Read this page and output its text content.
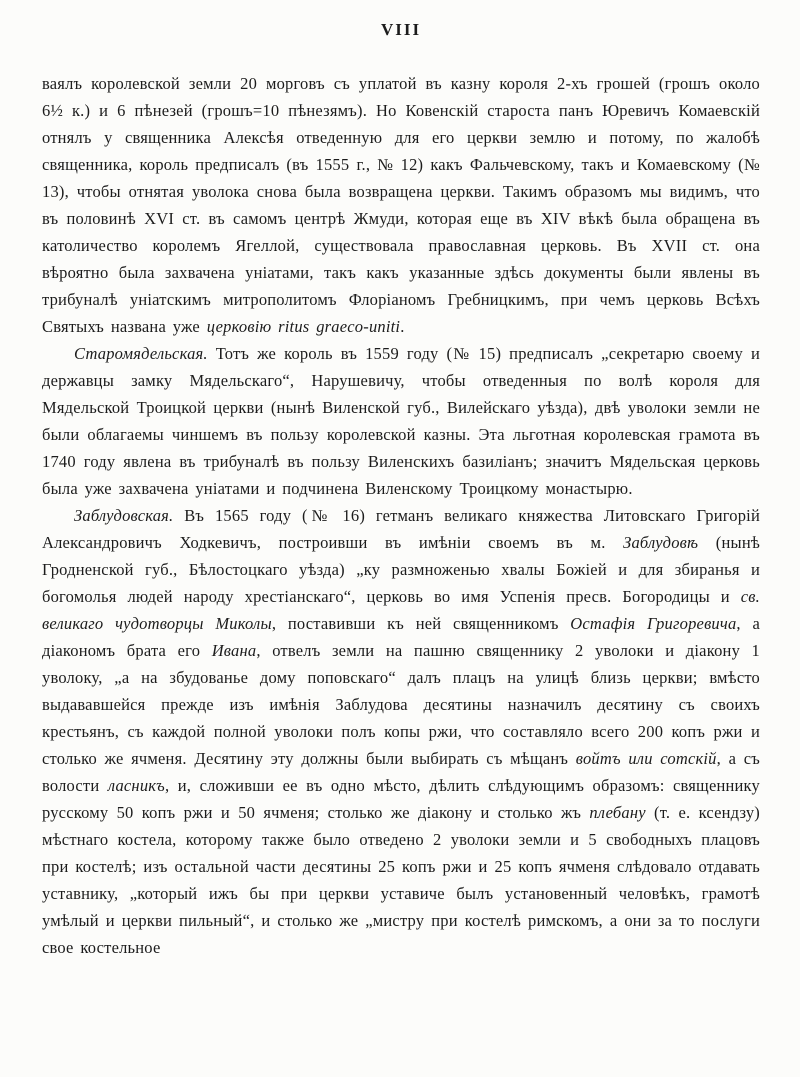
VIII

ваялъ королевской земли 20 морговъ съ уплатой въ казну короля 2-хъ грошей (грошъ около 6½ к.) и 6 пѣнезей (грошъ=10 пѣнезямъ). Но Ковенскій староста панъ Юревичъ Комаевскій отнялъ у священника Алексѣя отведенную для его церкви землю и потому, по жалобѣ священника, король предписалъ (въ 1555 г., № 12) какъ Фальчевскому, такъ и Комаевскому (№ 13), чтобы отнятая уволока снова была возвращена церкви. Такимъ образомъ мы видимъ, что въ половинѣ XVI ст. въ самомъ центрѣ Жмуди, которая еще въ XIV вѣкѣ была обращена въ католичество королемъ Ягеллой, существовала православная церковь. Въ XVII ст. она вѣроятно была захвачена уніатами, такъ какъ указанные здѣсь документы были явлены въ трибуналѣ уніатскимъ митрополитомъ Флоріаномъ Гребницкимъ, при чемъ церковь Всѣхъ Святыхъ названа уже церковію ritus graeco-uniti.

Старомядельская. Тотъ же король въ 1559 году (№ 15) предписалъ „секретарю своему и державцы замку Мядельскаго“, Нарушевичу, чтобы отведенныя по волѣ короля для Мядельской Троицкой церкви (нынѣ Виленской губ., Вилейскаго уѣзда), двѣ уволоки земли не были облагаемы чиншемъ въ пользу королевской казны. Эта льготная королевская грамота въ 1740 году явлена въ трибуналѣ въ пользу Виленскихъ базиліанъ; значитъ Мядельская церковь была уже захвачена уніатами и подчинена Виленскому Троицкому монастырю.

Заблудовская. Въ 1565 году (№ 16) гетманъ великаго княжества Литовскаго Григорій Александровичъ Ходкевичъ, построивши въ имѣніи своемъ въ м. Заблудовѣ (нынѣ Гродненской губ., Бѣлостоцкаго уѣзда) „ку размноженью хвалы Божіей и для збиранья и богомолья людей народу хрестіанскаго“, церковь во имя Успенія пресв. Богородицы и св. великаго чудотворцы Миколы, поставивши къ ней священникомъ Остафія Григоревича, а діакономъ брата его Ивана, отвелъ земли на пашню священнику 2 уволоки и діакону 1 уволоку, „а на збудованье дому поповскаго“ далъ плацъ на улицѣ близь церкви; вмѣсто выдававшейся прежде изъ имѣнія Заблудова десятины назначилъ десятину съ своихъ крестьянъ, съ каждой полной уволоки полъ копы ржи, что составляло всего 200 копъ ржи и столько же ячменя. Десятину эту должны были выбирать съ мѣщанъ войтъ или сотскій, а съ волости ласникъ, и, сложивши ее въ одно мѣсто, дѣлить слѣдующимъ образомъ: священнику русскому 50 копъ ржи и 50 ячменя; столько же діакону и столько жъ плебану (т. е. ксендзу) мѣстнаго костела, которому также было отведено 2 уволоки земли и 5 свободныхъ плацовъ при костелѣ; изъ остальной части десятины 25 копъ ржи и 25 копъ ячменя слѣдовало отдавать уставнику, „который ижъ бы при церкви уставиче былъ установенный человѣкъ, грамотѣ умѣлый и церкви пильный“, и столько же „мистру при костелѣ римскомъ, а они за то послуги свое костельное
